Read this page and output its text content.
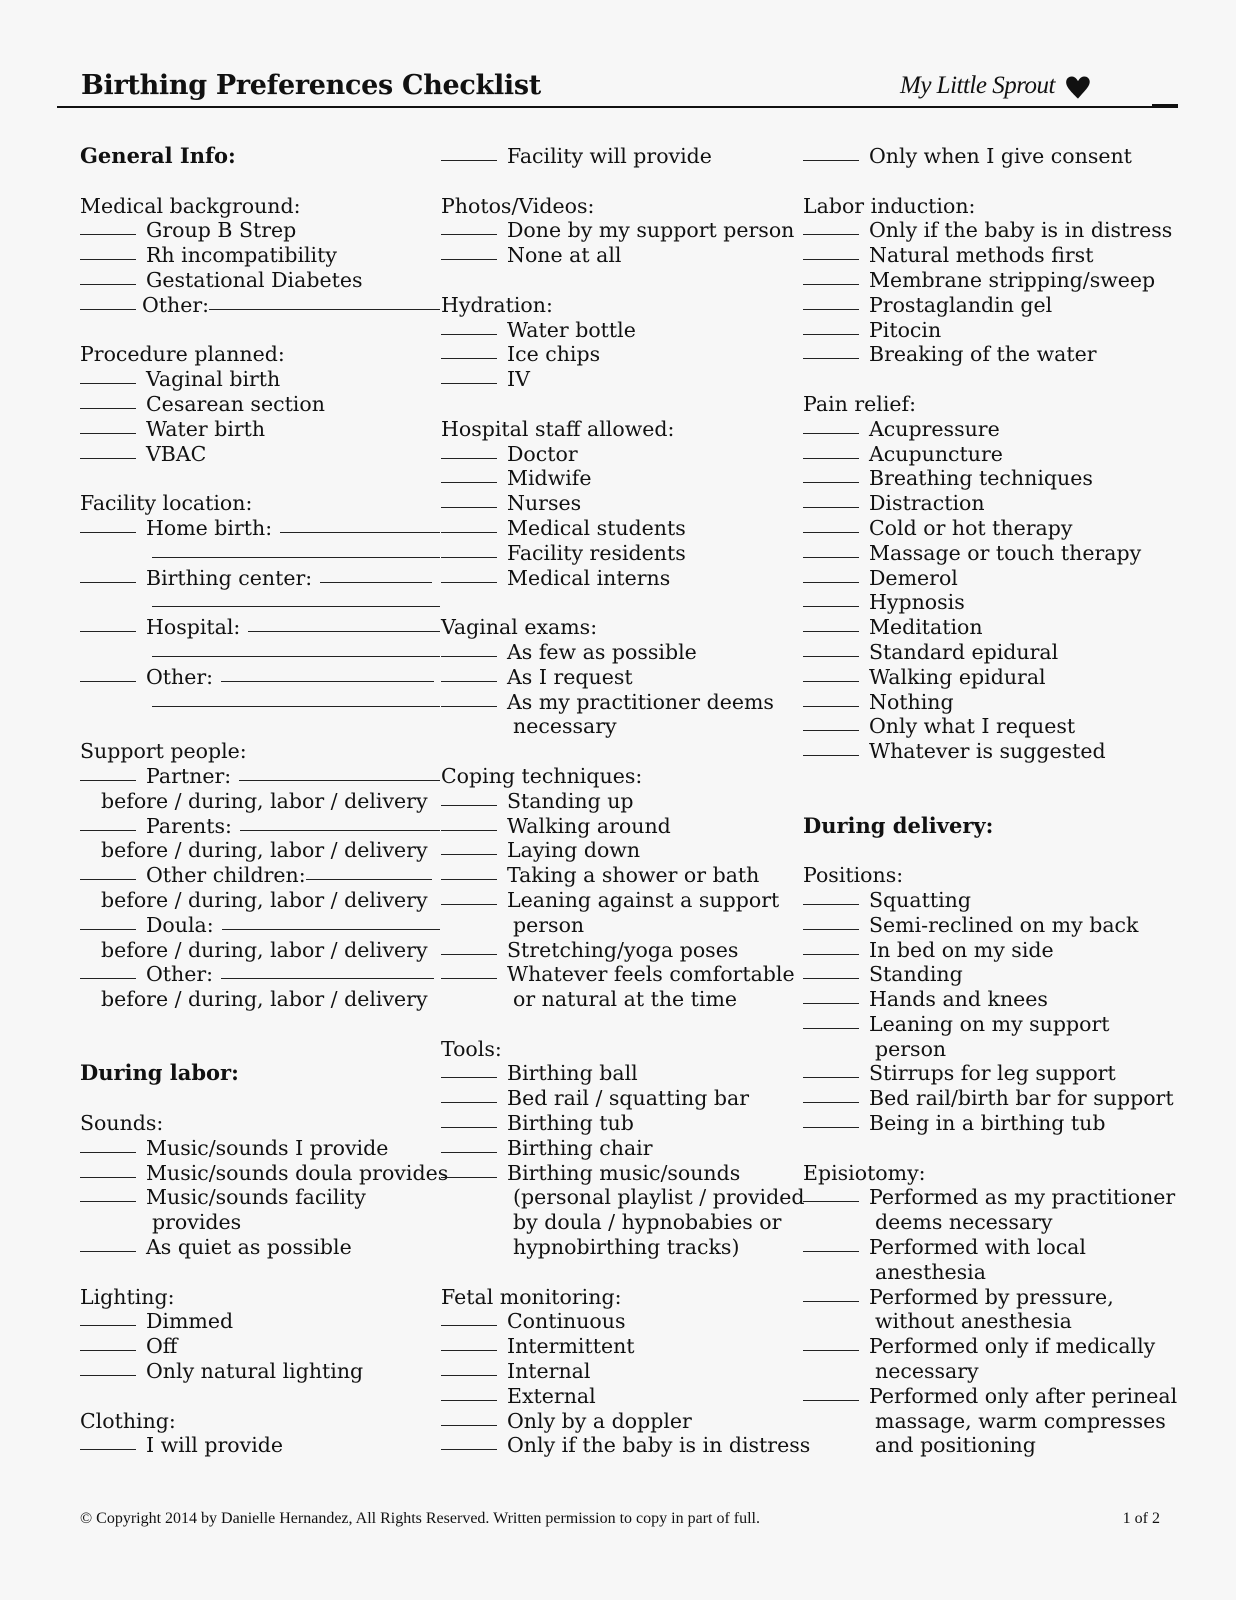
Birthing Preferences Checklist	My Little Sprout
General Info:
Medical background:
Group B Strep
Rh incompatibility
Gestational Diabetes
Other:
Procedure planned:
Vaginal birth
Cesarean section
Water birth
VBAC
Facility location:
Home birth:
Birthing center:
Hospital:
Other:
Support people:
Partner:
before / during, labor / delivery
Parents:
before / during, labor / delivery
Other children:
before / during, labor / delivery
Doula:
before / during, labor / delivery
Other:
before / during, labor / delivery
During labor:
Sounds:
Music/sounds I provide
Music/sounds doula provides
Music/sounds facility
provides
As quiet as possible
Lighting:
Dimmed
Off
Only natural lighting
Clothing:
I will provide
Facility will provide
Photos/Videos:
Done by my support person
None at all
Hydration:
Water bottle
Ice chips
IV
Hospital staff allowed:
Doctor
Midwife
Nurses
Medical students
Facility residents
Medical interns
Vaginal exams:
As few as possible
As I request
As my practitioner deems
necessary
Coping techniques:
Standing up
Walking around
Laying down
Taking a shower or bath
Leaning against a support
person
Stretching/yoga poses
Whatever feels comfortable
or natural at the time
Tools:
Birthing ball
Bed rail / squatting bar
Birthing tub
Birthing chair
Birthing music/sounds
(personal playlist / provided
by doula / hypnobabies or
hypnobirthing tracks)
Fetal monitoring:
Continuous
Intermittent
Internal
External
Only by a doppler
Only if the baby is in distress
Only when I give consent
Labor induction:
Only if the baby is in distress
Natural methods first
Membrane stripping/sweep
Prostaglandin gel
Pitocin
Breaking of the water
Pain relief:
Acupressure
Acupuncture
Breathing techniques
Distraction
Cold or hot therapy
Massage or touch therapy
Demerol
Hypnosis
Meditation
Standard epidural
Walking epidural
Nothing
Only what I request
Whatever is suggested
During delivery:
Positions:
Squatting
Semi-reclined on my back
In bed on my side
Standing
Hands and knees
Leaning on my support
person
Stirrups for leg support
Bed rail/birth bar for support
Being in a birthing tub
Episiotomy:
Performed as my practitioner
deems necessary
Performed with local
anesthesia
Performed by pressure,
without anesthesia
Performed only if medically
necessary
Performed only after perineal
massage, warm compresses
and positioning
© Copyright 2014 by Danielle Hernandez, All Rights Reserved. Written permission to copy in part of full.	1 of 2
